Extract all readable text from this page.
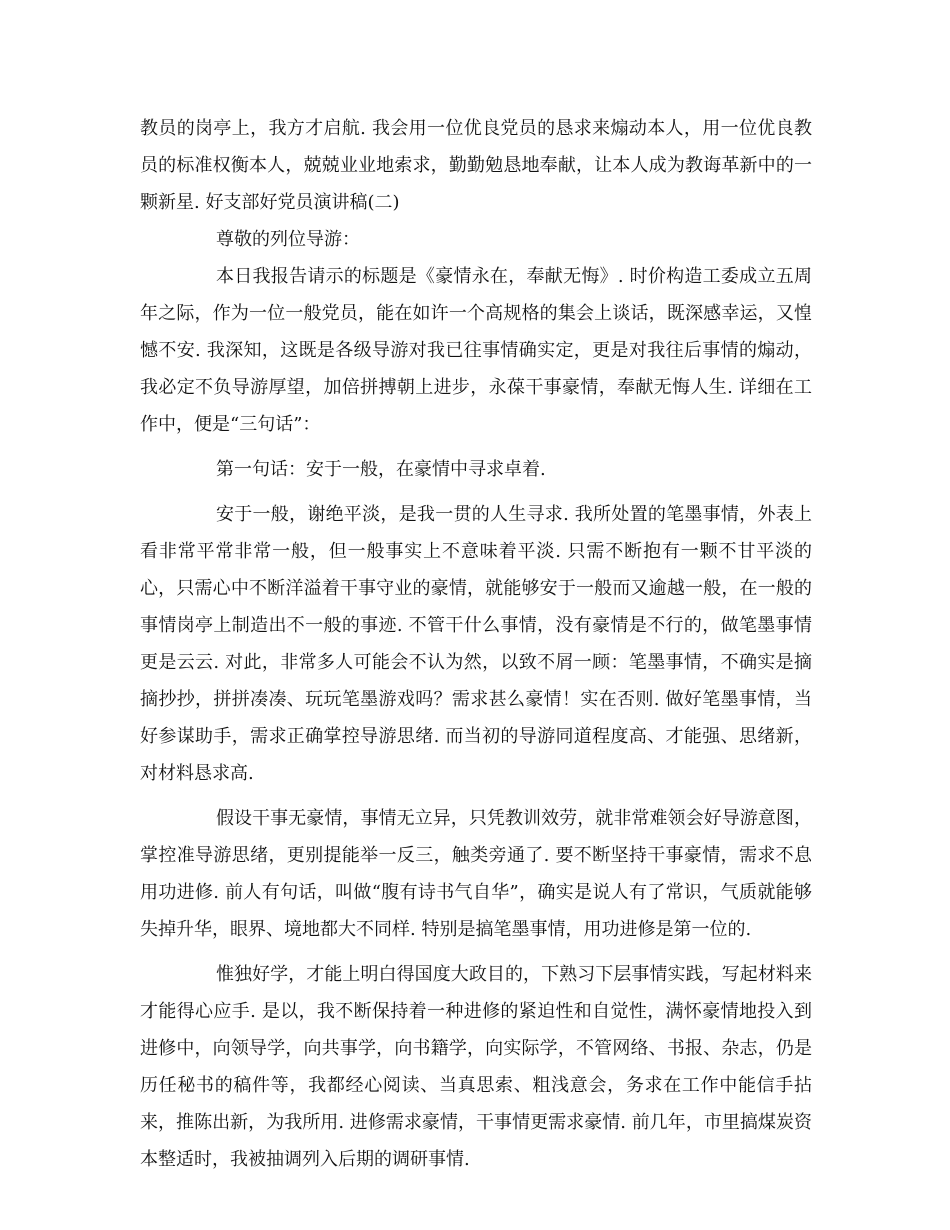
教员的岗亭上，我方才启航. 我会用一位优良党员的恳求来煽动本人，用一位优良教员的标准权衡本人，兢兢业业地索求，勤勤勉恳地奉献，让本人成为教诲革新中的一颗新星. 好支部好党员演讲稿(二)

尊敬的列位导游：

本日我报告请示的标题是《豪情永在，奉献无悔》. 时价构造工委成立五周年之际，作为一位一般党员，能在如许一个高规格的集会上谈话，既深感幸运，又惶憾不安. 我深知，这既是各级导游对我已往事情确实定，更是对我往后事情的煽动，我必定不负导游厚望，加倍拼搏朝上进步，永葆干事豪情，奉献无悔人生. 详细在工作中，便是“三句话”：

第一句话：安于一般，在豪情中寻求卓着.

安于一般，谢绝平淡，是我一贯的人生寻求. 我所处置的笔墨事情，外表上看非常平常非常一般，但一般事实上不意味着平淡. 只需不断抱有一颗不甘平淡的心，只需心中不断洋溢着干事守业的豪情，就能够安于一般而又逾越一般，在一般的事情岗亭上制造出不一般的事迹. 不管干什么事情，没有豪情是不行的，做笔墨事情更是云云. 对此，非常多人可能会不认为然，以致不屑一顾：笔墨事情，不确实是摘摘抄抄，拼拼凑凑、玩玩笔墨游戏吗？需求甚么豪情！实在否则. 做好笔墨事情，当好参谋助手，需求正确掌控导游思绪. 而当初的导游同道程度高、才能强、思绪新，对材料恳求高.

假设干事无豪情，事情无立异，只凭教训效劳，就非常难领会好导游意图，掌控准导游思绪，更别提能举一反三，触类旁通了. 要不断坚持干事豪情，需求不息用功进修. 前人有句话，叫做“腹有诗书气自华”，确实是说人有了常识，气质就能够失掉升华，眼界、境地都大不同样. 特别是搞笔墨事情，用功进修是第一位的.

惟独好学，才能上明白得国度大政目的，下熟习下层事情实践，写起材料来才能得心应手. 是以，我不断保持着一种进修的紧迫性和自觉性，满怀豪情地投入到进修中，向领导学，向共事学，向书籍学，向实际学，不管网络、书报、杂志，仍是历任秘书的稿件等，我都经心阅读、当真思索、粗浅意会，务求在工作中能信手拈来，推陈出新，为我所用. 进修需求豪情，干事情更需求豪情. 前几年，市里搞煤炭资本整适时，我被抽调列入后期的调研事情.
